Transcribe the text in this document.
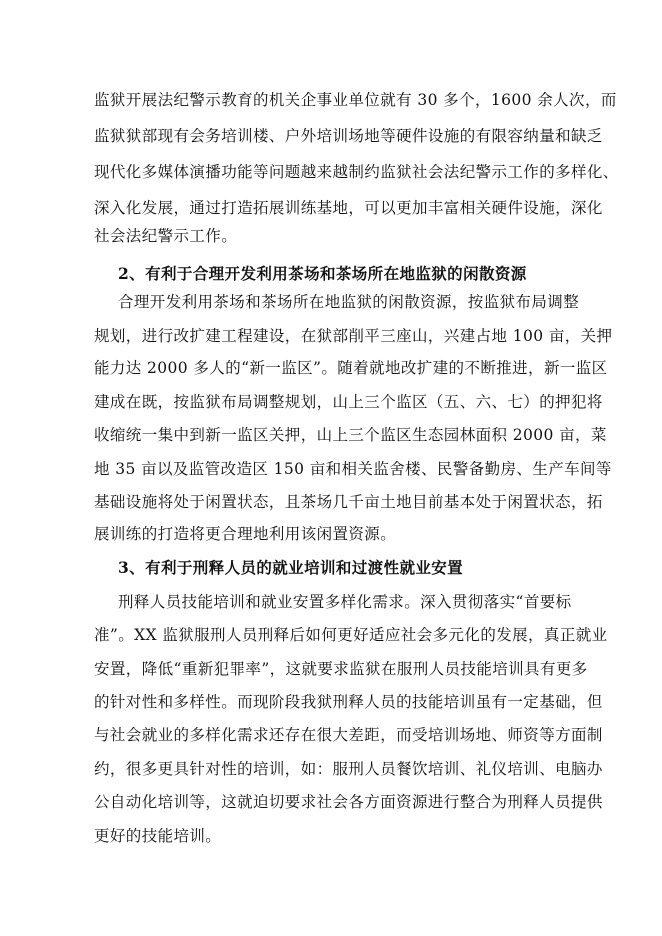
监狱开展法纪警示教育的机关企事业单位就有 30 多个，1600 余人次，而
监狱狱部现有会务培训楼、户外培训场地等硬件设施的有限容纳量和缺乏
现代化多媒体演播功能等问题越来越制约监狱社会法纪警示工作的多样化、
深入化发展，通过打造拓展训练基地，可以更加丰富相关硬件设施，深化
社会法纪警示工作。
2、有利于合理开发利用茶场和茶场所在地监狱的闲散资源
合理开发利用茶场和茶场所在地监狱的闲散资源，按监狱布局调整
规划，进行改扩建工程建设，在狱部削平三座山，兴建占地 100 亩，关押
能力达 2000 多人的“新一监区”。随着就地改扩建的不断推进，新一监区
建成在既，按监狱布局调整规划，山上三个监区（五、六、七）的押犯将
收缩统一集中到新一监区关押，山上三个监区生态园林面积 2000 亩，菜
地 35 亩以及监管改造区 150 亩和相关监舍楼、民警备勤房、生产车间等
基础设施将处于闲置状态，且茶场几千亩土地目前基本处于闲置状态，拓
展训练的打造将更合理地利用该闲置资源。
3、有利于刑释人员的就业培训和过渡性就业安置
刑释人员技能培训和就业安置多样化需求。深入贯彻落实“首要标
准”。XX 监狱服刑人员刑释后如何更好适应社会多元化的发展，真正就业
安置，降低“重新犯罪率”，这就要求监狱在服刑人员技能培训具有更多
的针对性和多样性。而现阶段我狱刑释人员的技能培训虽有一定基础，但
与社会就业的多样化需求还存在很大差距，而受培训场地、师资等方面制
约，很多更具针对性的培训，如：服刑人员餐饮培训、礼仪培训、电脑办
公自动化培训等，这就迫切要求社会各方面资源进行整合为刑释人员提供
更好的技能培训。
